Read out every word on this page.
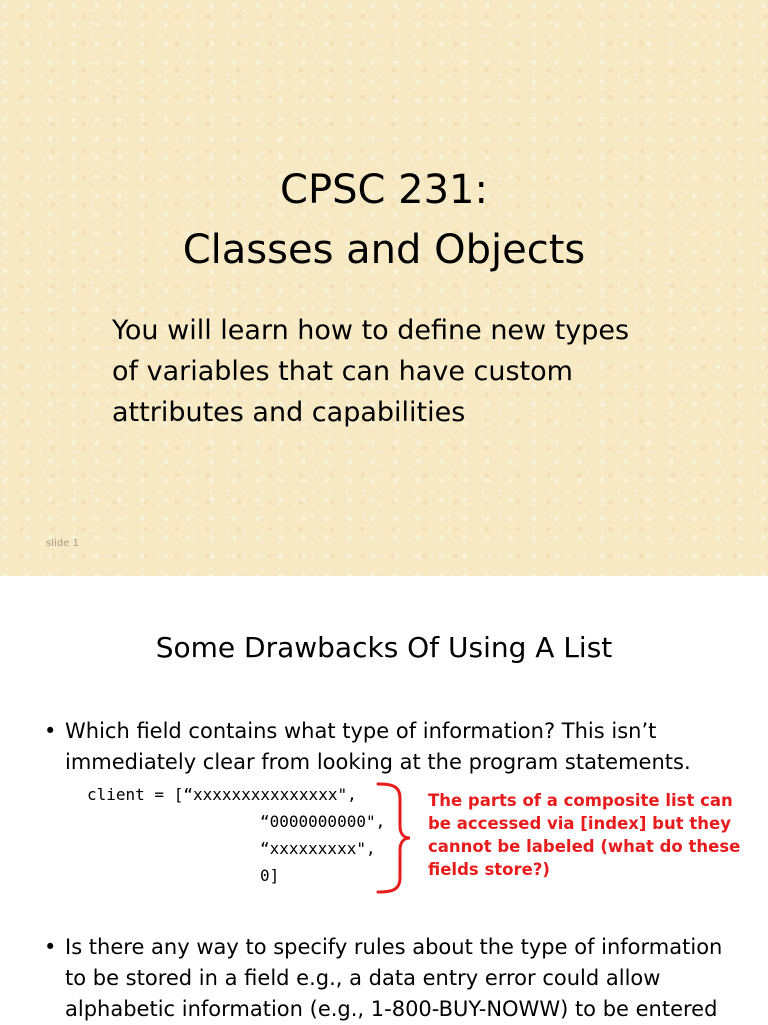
CPSC 231:
Classes and Objects
You will learn how to define new types
of variables that can have custom
attributes and capabilities
slide 1
Some Drawbacks Of Using A List
• Which field contains what type of information? This isn’t
immediately clear from looking at the program statements.
client = [“xxxxxxxxxxxxxxx",
“0000000000",
“xxxxxxxxx",
0]
The parts of a composite list can
be accessed via [index] but they
cannot be labeled (what do these
fields store?)
• Is there any way to specify rules about the type of information
to be stored in a field e.g., a data entry error could allow
alphabetic information (e.g., 1-800-BUY-NOWW) to be entered
